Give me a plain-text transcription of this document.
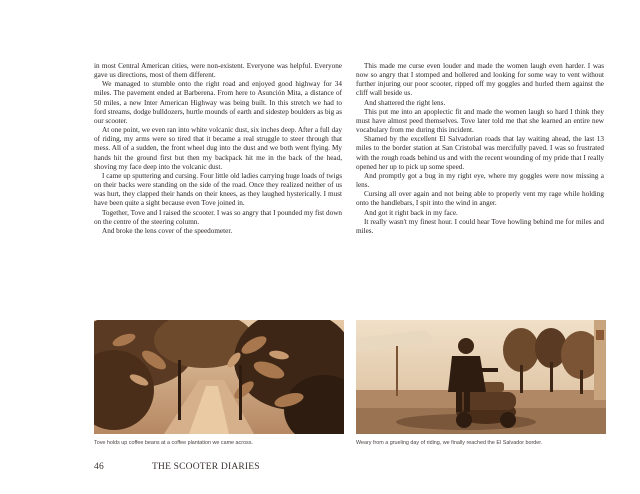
in most Central American cities, were non-existent. Everyone was helpful. Everyone gave us directions, most of them different.

We managed to stumble onto the right road and enjoyed good highway for 34 miles. The pavement ended at Barberena. From here to Asunción Mita, a distance of 50 miles, a new Inter American Highway was being built. In this stretch we had to ford streams, dodge bulldozers, hurtle mounds of earth and sidestep boulders as big as our scooter.

At one point, we even ran into white volcanic dust, six inches deep. After a full day of riding, my arms were so tired that it became a real struggle to steer through that mess. All of a sudden, the front wheel dug into the dust and we both went flying. My hands hit the ground first but then my backpack hit me in the back of the head, shoving my face deep into the volcanic dust.

I came up sputtering and cursing. Four little old ladies carrying huge loads of twigs on their backs were standing on the side of the road. Once they realized neither of us was hurt, they clapped their hands on their knees, as they laughed hysterically. I must have been quite a sight because even Tove joined in.

Together, Tove and I raised the scooter. I was so angry that I pounded my fist down on the centre of the steering column.

And broke the lens cover of the speedometer.

This made me curse even louder and made the women laugh even harder. I was now so angry that I stomped and hollered and looking for some way to vent without further injuring our poor scooter, ripped off my goggles and hurled them against the cliff wall beside us.

And shattered the right lens.

This put me into an apoplectic fit and made the women laugh so hard I think they must have almost peed themselves. Tove later told me that she learned an entire new vocabulary from me during this incident.

Shamed by the excellent El Salvadorian roads that lay waiting ahead, the last 13 miles to the border station at San Cristobal was mercifully paved. I was so frustrated with the rough roads behind us and with the recent wounding of my pride that I really opened her up to pick up some speed.

And promptly got a bug in my right eye, where my goggles were now missing a lens.

Cursing all over again and not being able to properly vent my rage while holding onto the handlebars, I spit into the wind in anger.

And got it right back in my face.

It really wasn't my finest hour. I could hear Tove howling behind me for miles and miles.

Tove holds up coffee beans at a coffee plantation we came across.	Weary from a grueling day of riding, we finally reached the El Salvador border.
46	THE SCOOTER DIARIES
